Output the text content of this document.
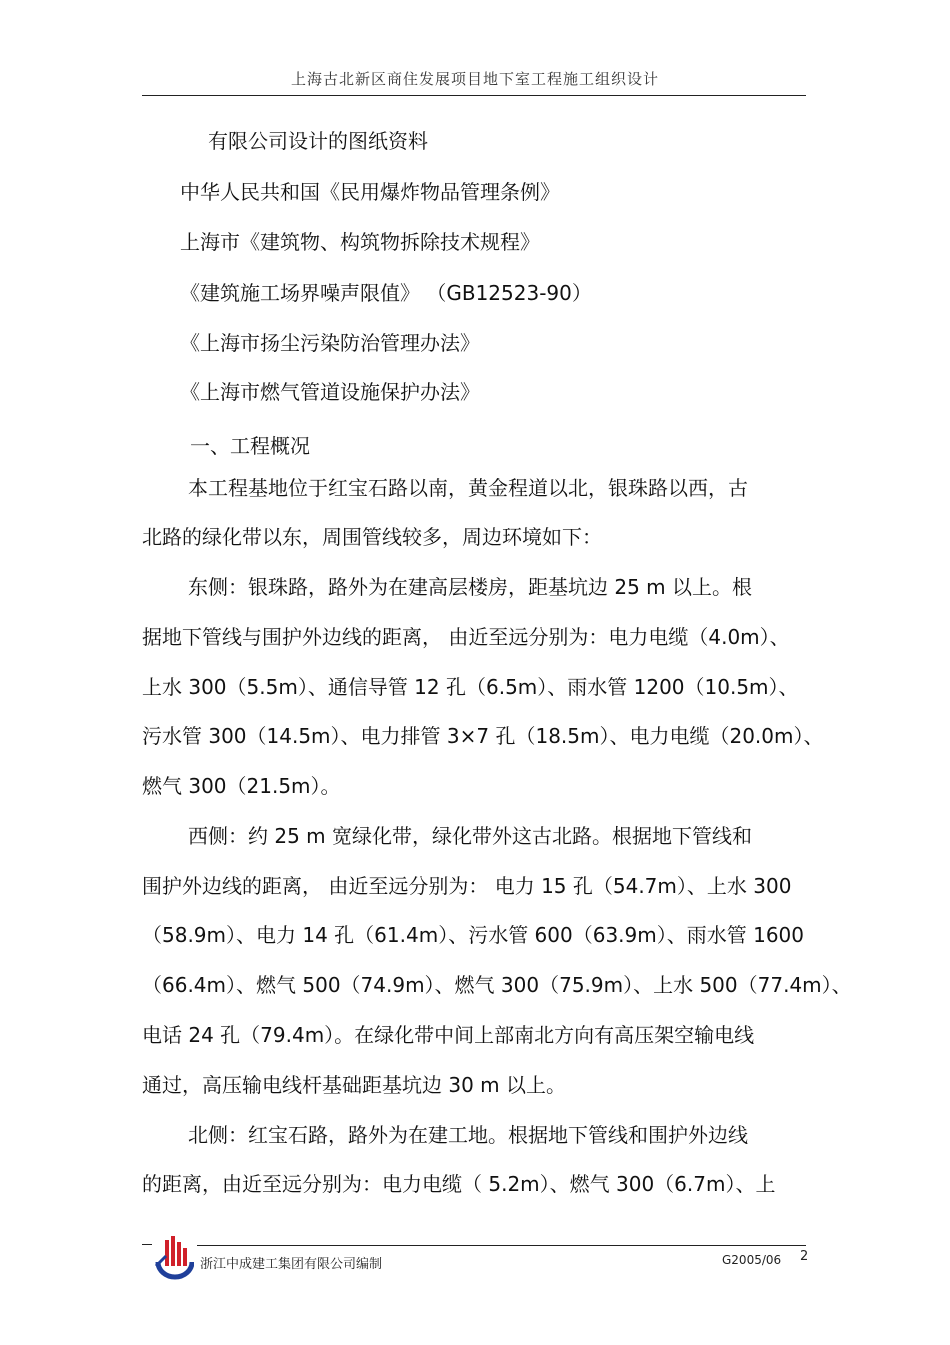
上海古北新区商住发展项目地下室工程施工组织设计
有限公司设计的图纸资料
中华人民共和国《民用爆炸物品管理条例》
上海市《建筑物、构筑物拆除技术规程》
《建筑施工场界噪声限值》 （GB12523-90）
《上海市扬尘污染防治管理办法》
《上海市燃气管道设施保护办法》
一、工程概况
本工程基地位于红宝石路以南，黄金程道以北，银珠路以西，古
北路的绿化带以东，周围管线较多，周边环境如下：
东侧：银珠路，路外为在建高层楼房，距基坑边 25 m 以上。根
据地下管线与围护外边线的距离， 由近至远分别为：电力电缆（4.0m）、
上水 300（5.5m）、通信导管 12 孔（6.5m）、雨水管 1200（10.5m）、
污水管 300（14.5m）、电力排管 3×7 孔（18.5m）、电力电缆（20.0m）、
燃气 300（21.5m）。
西侧：约 25 m 宽绿化带，绿化带外这古北路。根据地下管线和
围护外边线的距离， 由近至远分别为： 电力 15 孔（54.7m）、上水 300
（58.9m）、电力 14 孔（61.4m）、污水管 600（63.9m）、雨水管 1600
（66.4m）、燃气 500（74.9m）、燃气 300（75.9m）、上水 500（77.4m）、
电话 24 孔（79.4m）。在绿化带中间上部南北方向有高压架空输电线
通过，高压输电线杆基础距基坑边 30 m 以上。
北侧：红宝石路，路外为在建工地。根据地下管线和围护外边线
的距离，由近至远分别为：电力电缆（ 5.2m）、燃气 300（6.7m）、上
浙江中成建工集团有限公司编制	G2005/06 2
